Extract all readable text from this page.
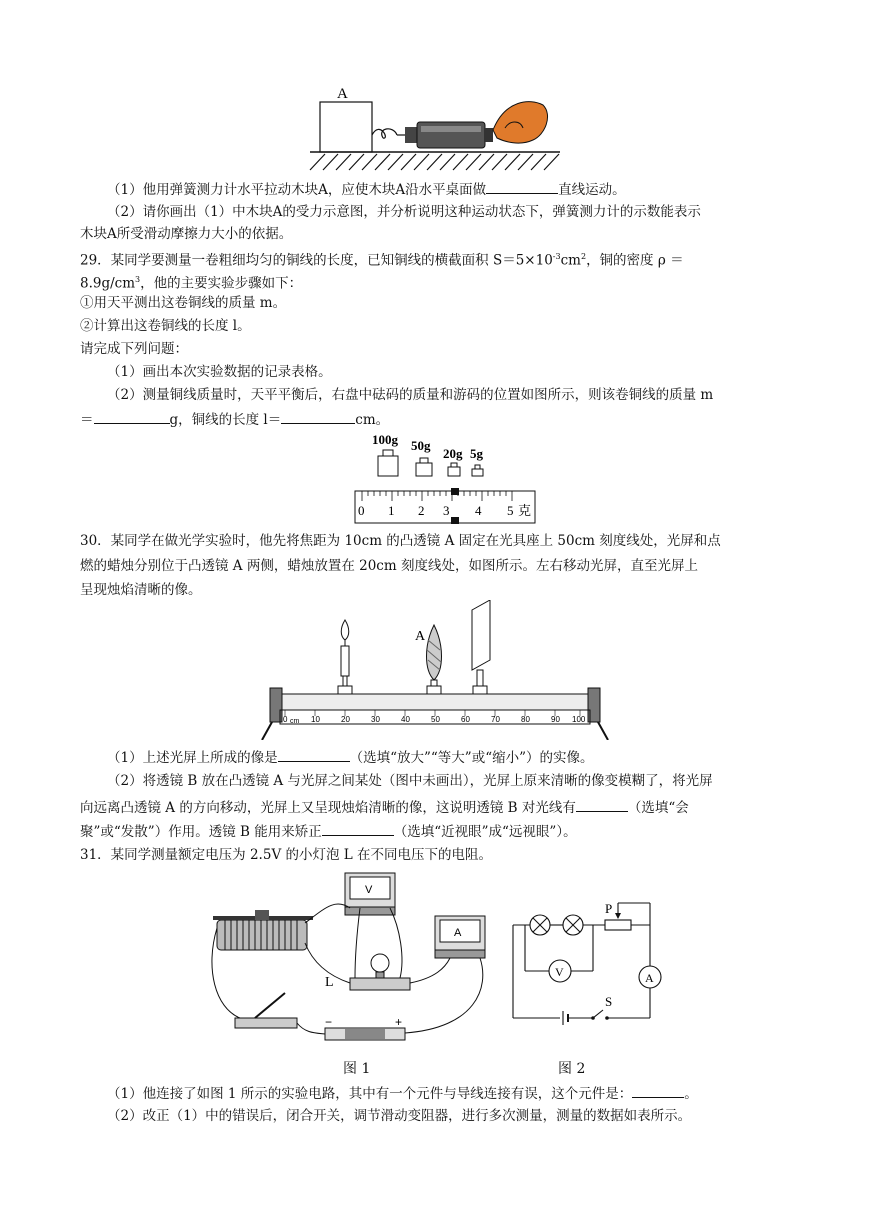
A
（1）他用弹簧测力计水平拉动木块A，应使木块A沿水平桌面做	直线运动。
（2）请你画出（1）中木块A的受力示意图，并分析说明这种运动状态下，弹簧测力计的示数能表示
木块A所受滑动摩擦力大小的依据。
29．某同学要测量一卷粗细均匀的铜线的长度，已知铜线的横截面积 $S=5\times 10^{-3}cm^2$，铜的密度 ρ ＝
$8.9g/cm^3$，他的主要实验步骤如下：
①用天平测出这卷铜线的质量 m。
②计算出这卷铜线的长度 l。
请完成下列问题：
（1）画出本次实验数据的记录表格。
（2）测量铜线质量时，天平平衡后，右盘中砝码的质量和游码的位置如图所示，则该卷铜线的质量 m
＝	g，铜线的长度 l＝	cm。
100g 50g
20g 5g
0 1 2 3 4 5 克
30．某同学在做光学实验时，他先将焦距为 10cm 的凸透镜 A 固定在光具座上 50cm 刻度线处，光屏和点
燃的蜡烛分别位于凸透镜 A 两侧，蜡烛放置在 20cm 刻度线处，如图所示。左右移动光屏，直至光屏上
呈现烛焰清晰的像。
A
cm
0	10	20	30	40	50	60	70	80	90 100
（1）上述光屏上所成的像是	（选填“放大”“等大”或“缩小”）的实像。
（2）将透镜 B 放在凸透镜 A 与光屏之间某处（图中未画出），光屏上原来清晰的像变模糊了，将光屏
向远离凸透镜 A 的方向移动，光屏上又呈现烛焰清晰的像，这说明透镜 B 对光线有	（选填“会
聚”或“发散”）作用。透镜 B 能用来矫正	（选填“近视眼”成“远视眼”）。
31．某同学测量额定电压为 2.5V 的小灯泡 L 在不同电压下的电阻。
V
A
L
−	+
P
V	A
S
图 1	图 2
（1）他连接了如图 1 所示的实验电路，其中有一个元件与导线连接有误，这个元件是：	。
（2）改正（1）中的错误后，闭合开关，调节滑动变阻器，进行多次测量，测量的数据如表所示。
